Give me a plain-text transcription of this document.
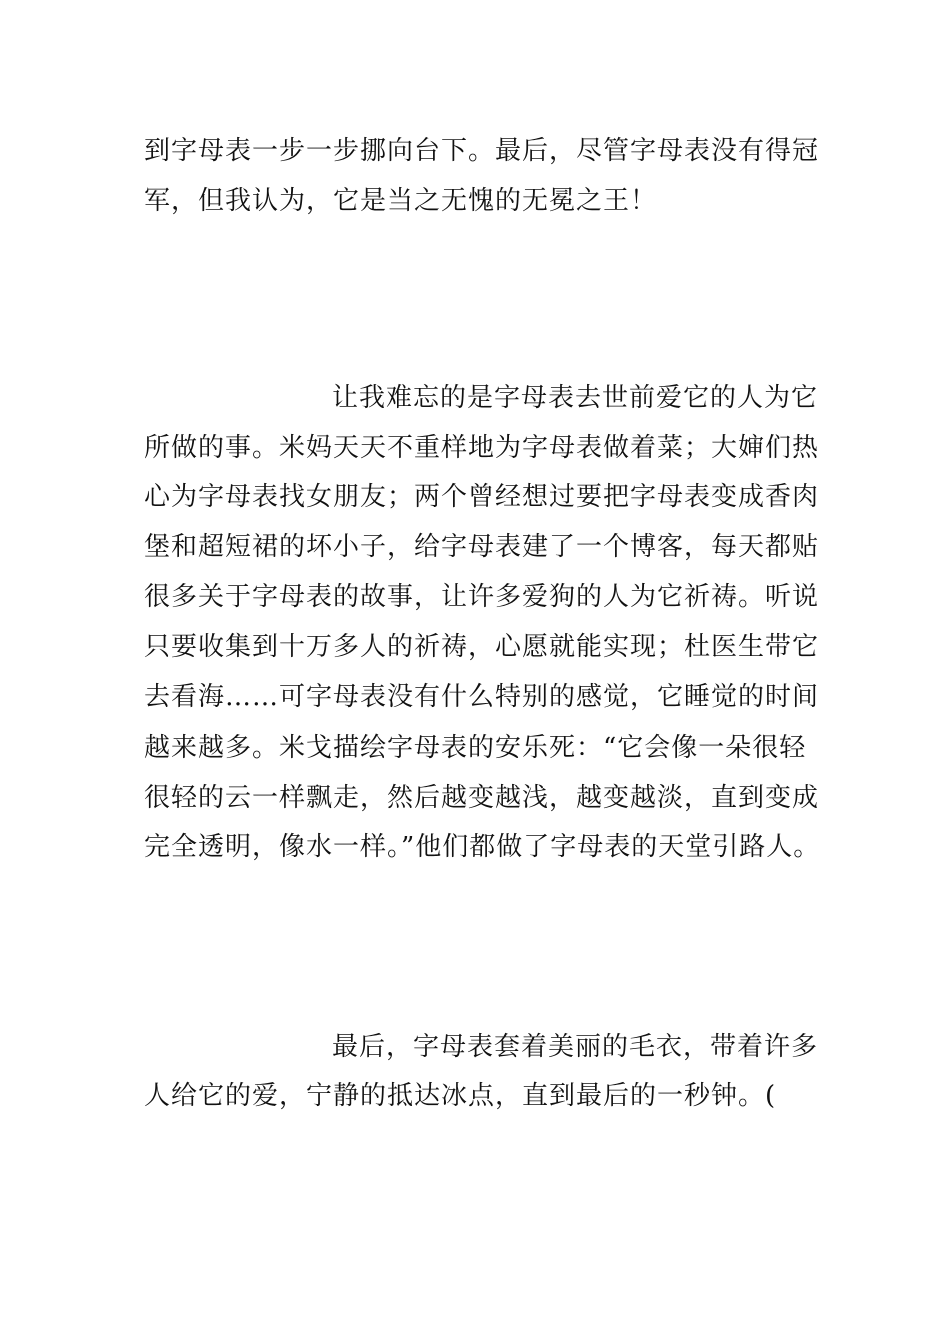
到字母表一步一步挪向台下。最后，尽管字母表没有得冠
军，但我认为，它是当之无愧的无冕之王！
让我难忘的是字母表去世前爱它的人为它
所做的事。米妈天天不重样地为字母表做着菜；大婶们热
心为字母表找女朋友；两个曾经想过要把字母表变成香肉
堡和超短裙的坏小子，给字母表建了一个博客，每天都贴
很多关于字母表的故事，让许多爱狗的人为它祈祷。听说
只要收集到十万多人的祈祷，心愿就能实现；杜医生带它
去看海……可字母表没有什么特别的感觉，它睡觉的时间
越来越多。米戈描绘字母表的安乐死：“它会像一朵很轻
很轻的云一样飘走，然后越变越浅，越变越淡，直到变成
完全透明，像水一样。”他们都做了字母表的天堂引路人。
最后，字母表套着美丽的毛衣，带着许多
人给它的爱，宁静的抵达冰点，直到最后的一秒钟。(
